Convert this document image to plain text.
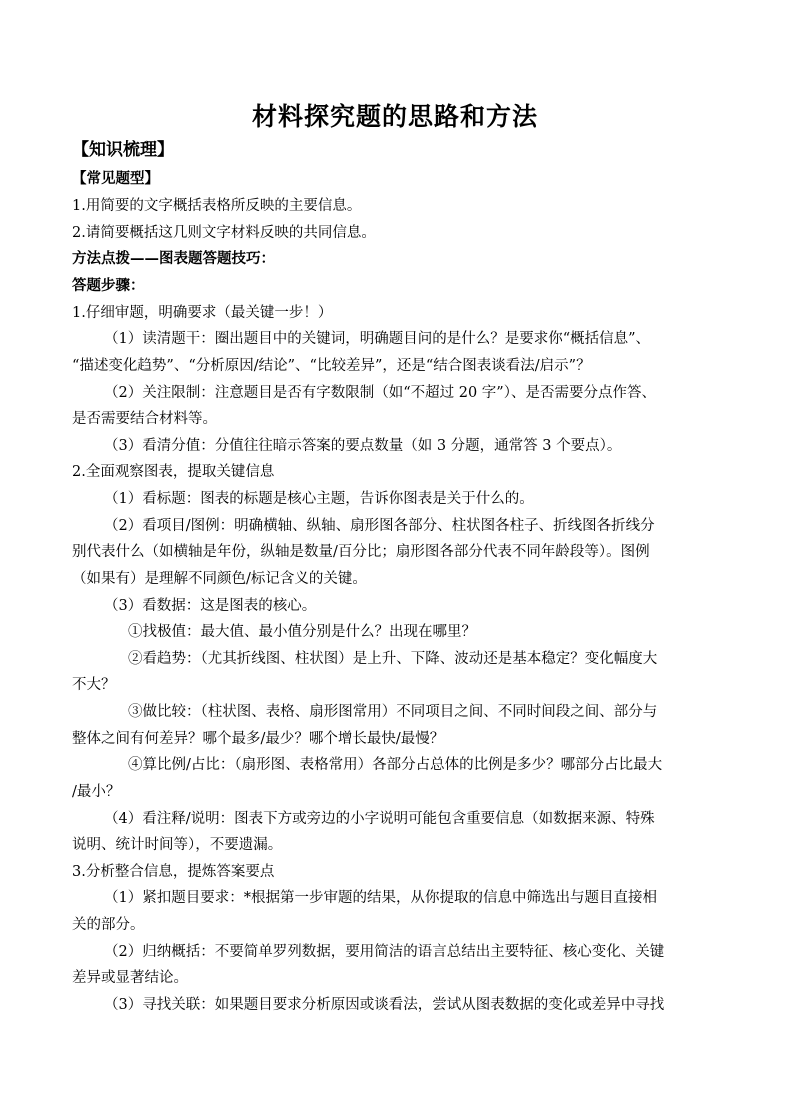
材料探究题的思路和方法
【知识梳理】
【常见题型】
1.用简要的文字概括表格所反映的主要信息。
2.请简要概括这几则文字材料反映的共同信息。
方法点拨——图表题答题技巧：
答题步骤：
1.仔细审题，明确要求（最关键一步！）
（1）读清题干：圈出题目中的关键词，明确题目问的是什么？是要求你“概括信息”、
“描述变化趋势”、“分析原因/结论”、“比较差异”，还是“结合图表谈看法/启示”？
（2）关注限制：注意题目是否有字数限制（如“不超过 20 字”）、是否需要分点作答、
是否需要结合材料等。
（3）看清分值：分值往往暗示答案的要点数量（如 3 分题，通常答 3 个要点）。
2.全面观察图表，提取关键信息
（1）看标题：图表的标题是核心主题，告诉你图表是关于什么的。
（2）看项目/图例：明确横轴、纵轴、扇形图各部分、柱状图各柱子、折线图各折线分
别代表什么（如横轴是年份，纵轴是数量/百分比；扇形图各部分代表不同年龄段等）。图例
（如果有）是理解不同颜色/标记含义的关键。
（3）看数据：这是图表的核心。
①找极值：最大值、最小值分别是什么？出现在哪里？
②看趋势：（尤其折线图、柱状图）是上升、下降、波动还是基本稳定？变化幅度大
不大？
③做比较：（柱状图、表格、扇形图常用）不同项目之间、不同时间段之间、部分与
整体之间有何差异？哪个最多/最少？哪个增长最快/最慢？
④算比例/占比：（扇形图、表格常用）各部分占总体的比例是多少？哪部分占比最大
/最小？
（4）看注释/说明：图表下方或旁边的小字说明可能包含重要信息（如数据来源、特殊
说明、统计时间等），不要遗漏。
3.分析整合信息，提炼答案要点
（1）紧扣题目要求：*根据第一步审题的结果，从你提取的信息中筛选出与题目直接相
关的部分。
（2）归纳概括：不要简单罗列数据，要用简洁的语言总结出主要特征、核心变化、关键
差异或显著结论。
（3）寻找关联：如果题目要求分析原因或谈看法，尝试从图表数据的变化或差异中寻找
